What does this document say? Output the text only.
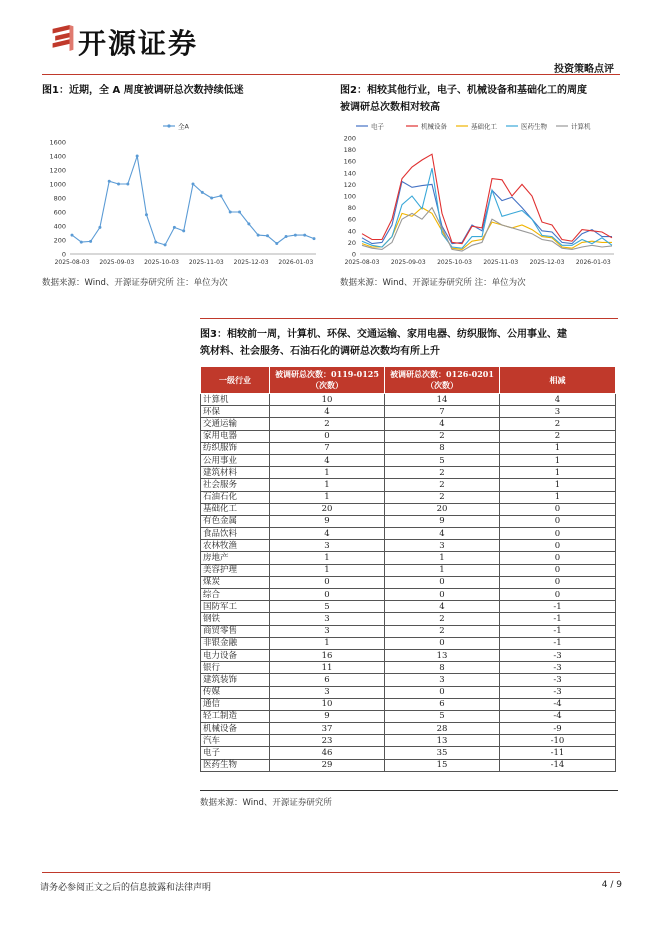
开源证券
投资策略点评
图1：近期，全 A 周度被调研总次数持续低迷
0
200
400
600
800
1000
1200
1400
1600
2025-08-03 2025-09-03 2025-10-03 2025-11-03 2025-12-03 2026-01-03
全A
数据来源：Wind、开源证券研究所 注：单位为次
图2：相较其他行业，电子、机械设备和基础化工的周度
被调研总次数相对较高
0
20
40
60
80
100
120
140
160
180
200
2025-08-03 2025-09-03 2025-10-03 2025-11-03 2025-12-03 2026-01-03
电子	机械设备	基础化工	医药生物	计算机
数据来源：Wind、开源证券研究所 注：单位为次
图3：相较前一周，计算机、环保、交通运输、家用电器、纺织服饰、公用事业、建
筑材料、社会服务、石油石化的调研总次数均有所上升
一级行业	被调研总次数：0119-0125（次数）	被调研总次数：0126-0201（次数）	相减
计算机	10	14	4
环保	4	7	3
交通运输	2	4	2
家用电器	0	2	2
纺织服饰	7	8	1
公用事业	4	5	1
建筑材料	1	2	1
社会服务	1	2	1
石油石化	1	2	1
基础化工	20	20	0
有色金属	9	9	0
食品饮料	4	4	0
农林牧渔	3	3	0
房地产	1	1	0
美容护理	1	1	0
煤炭	0	0	0
综合	0	0	0
国防军工	5	4	-1
钢铁	3	2	-1
商贸零售	3	2	-1
非银金融	1	0	-1
电力设备	16	13	-3
银行	11	8	-3
建筑装饰	6	3	-3
传媒	3	0	-3
通信	10	6	-4
轻工制造	9	5	-4
机械设备	37	28	-9
汽车	23	13	-10
电子	46	35	-11
医药生物	29	15	-14
数据来源：Wind、开源证券研究所
请务必参阅正文之后的信息披露和法律声明	4 / 9
